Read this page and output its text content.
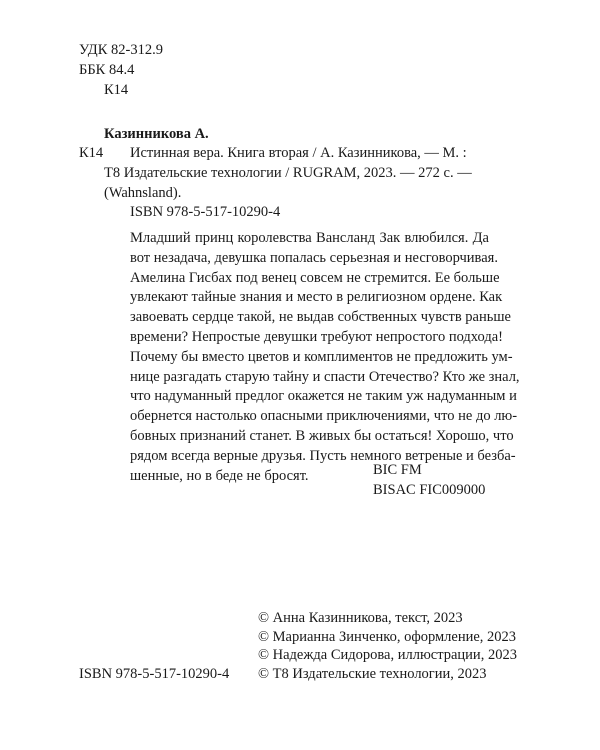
УДК 82-312.9
ББК 84.4
К14
Казинникова А.
К14 Истинная вера. Книга вторая / А. Казинникова, — М. :
Т8 Издательские технологии / RUGRAM, 2023. — 272 с. —
(Wahnsland).
ISBN 978-5-517-10290-4
Младший принц королевства Вансланд Зак влюбился. Да
вот незадача, девушка попалась серьезная и несговорчивая.
Амелина Гисбах под венец совсем не стремится. Ее больше
увлекают тайные знания и место в религиозном ордене. Как
завоевать сердце такой, не выдав собственных чувств раньше
времени? Непростые девушки требуют непростого подхода!
Почему бы вместо цветов и комплиментов не предложить ум-
нице разгадать старую тайну и спасти Отечество? Кто же знал,
что надуманный предлог окажется не таким уж надуманным и
обернется настолько опасными приключениями, что не до лю-
бовных признаний станет. В живых бы остаться! Хорошо, что
рядом всегда верные друзья. Пусть немного ветреные и безба-
шенные, но в беде не бросят.	BIC FM
BISAC FIC009000
ISBN 978-5-517-10290-4
© Анна Казинникова, текст, 2023
© Марианна Зинченко, оформление, 2023
© Надежда Сидорова, иллюстрации, 2023
© Т8 Издательские технологии, 2023
